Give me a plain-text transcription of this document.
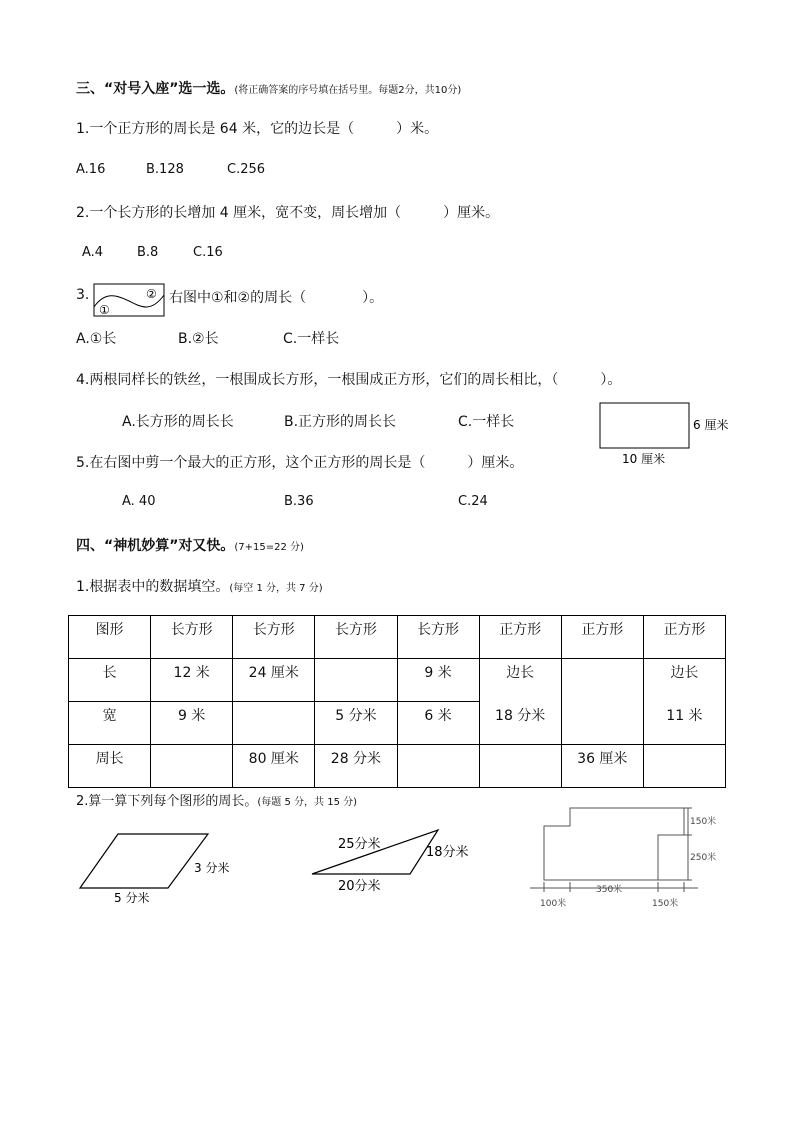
三、“对号入座”选一选。(将正确答案的序号填在括号里。每题2分，共10分)
1.一个正方形的周长是 64 米，它的边长是（　　　）米。
A.16	B.128	C.256
2.一个长方形的长增加 4 厘米，宽不变，周长增加（　　　）厘米。
A.4	B.8	C.16
3.	②
①
右图中①和②的周长（　　　　）。
A.①长	B.②长	C.一样长
4.两根同样长的铁丝，一根围成长方形，一根围成正方形，它们的周长相比，（　　　）。
A.长方形的周长长	B.正方形的周长长	C.一样长	6 厘米
10 厘米
5.在右图中剪一个最大的正方形，这个正方形的周长是（　　　）厘米。
A. 40	B.36	C.24
四、“神机妙算”对又快。(7+15=22 分)
1.根据表中的数据填空。(每空 1 分，共 7 分)
图形	长方形	长方形	长方形	长方形	正方形	正方形	正方形
长	12 米	24 厘米		9 米	边长		边长
宽	9 米		5 分米	6 米	18 分米		11 米
周长		80 厘米	28 分米			36 厘米	
2.算一算下列每个图形的周长。(每题 5 分，共 15 分)
3 分米
5 分米
25分米
18分米
20分米
150米
250米
100米
350米
150米
